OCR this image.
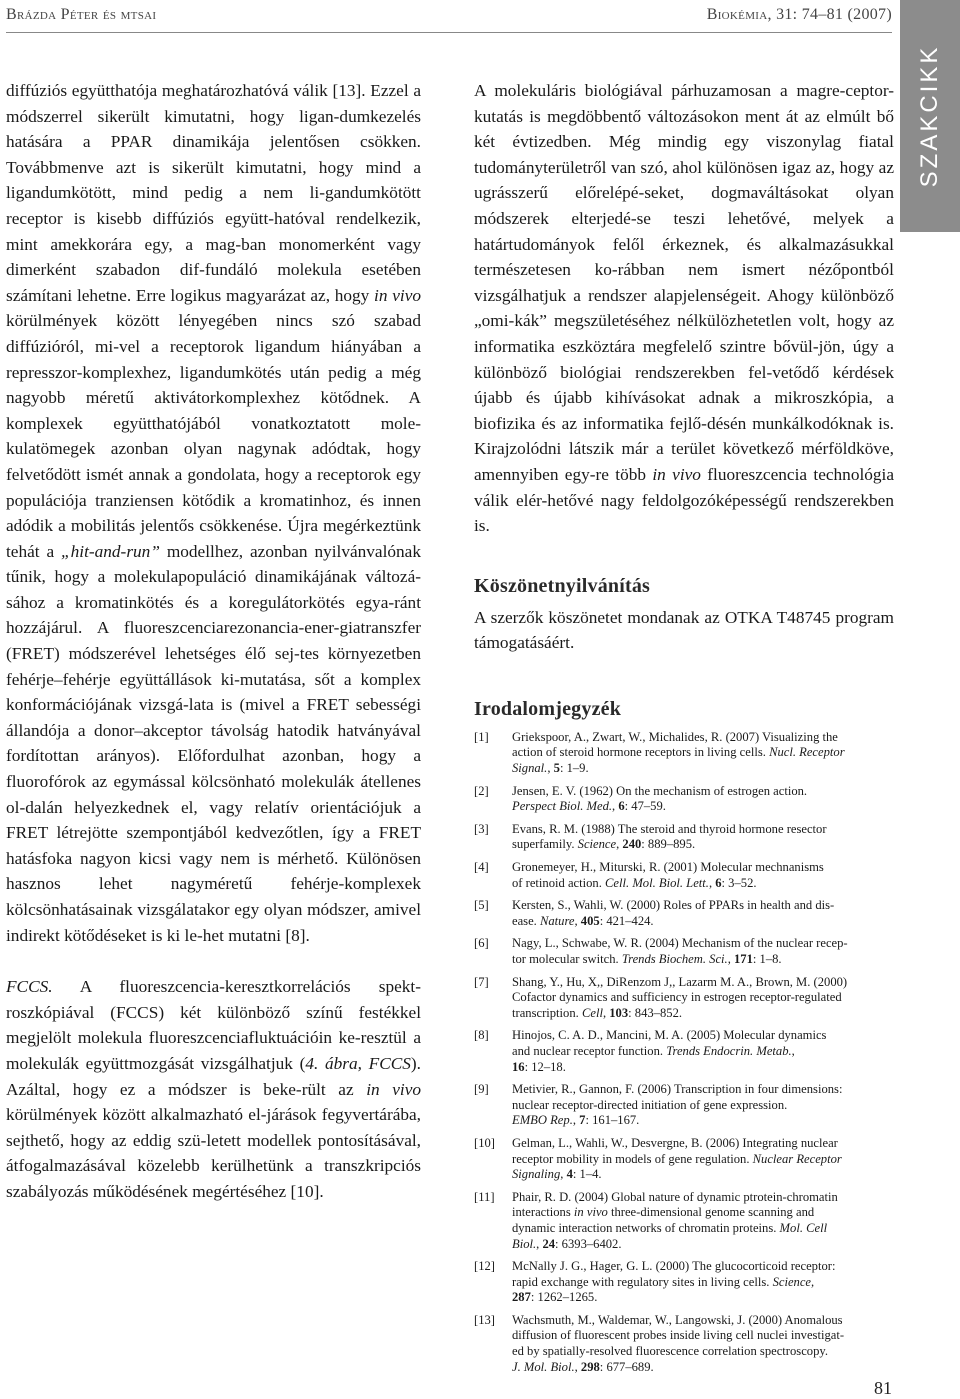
Brázda Péter és mtsai	Biokémia, 31: 74–81 (2007)
SZAKCIKK

diffúziós együtthatója meghatározhatóvá válik [13]. Ezzel a módszerrel sikerült kimutatni, hogy ligan-dumkezelés hatására a PPAR dinamikája jelentősen csökken. Továbbmenve azt is sikerült kimutatni, hogy mind a ligandumkötött, mind pedig a nem li-gandumkötött receptor is kisebb diffúziós együtt-hatóval rendelkezik, mint amekkorára egy, a mag-ban monomerként vagy dimerként szabadon dif-fundáló molekula esetében számítani lehetne. Erre logikus magyarázat az, hogy in vivo körülmények között lényegében nincs szó szabad diffúzióról, mi-vel a receptorok ligandum hiányában a represszor-komplexhez, ligandumkötés után pedig a még nagyobb méretű aktivátorkomplexhez kötődnek. A komplexek együtthatójából vonatkoztatott mole-kulatömegek azonban olyan nagynak adódtak, hogy felvetődött ismét annak a gondolata, hogy a receptorok egy populációja tranziensen kötődik a kromatinhoz, és innen adódik a mobilitás jelentős csökkenése. Újra megérkeztünk tehát a „hit-and-run” modellhez, azonban nyilvánvalónak tűnik, hogy a molekulapopuláció dinamikájának változá-sához a kromatinkötés és a koregulátorkötés egya-ránt hozzájárul. A fluoreszcenciarezonancia-ener-giatranszfer (FRET) módszerével lehetséges élő sej-tes környezetben fehérje–fehérje együttállások ki-mutatása, sőt a komplex konformációjának vizsgá-lata is (mivel a FRET sebességi állandója a donor–akceptor távolság hatodik hatványával fordítottan arányos). Előfordulhat azonban, hogy a fluorofórok az egymással kölcsönható molekulák átellenes ol-dalán helyezkednek el, vagy relatív orientációjuk a FRET létrejötte szempontjából kedvezőtlen, így a FRET hatásfoka nagyon kicsi vagy nem is mérhető. Különösen hasznos lehet nagyméretű fehérje-komplexek kölcsönhatásainak vizsgálatakor egy olyan módszer, amivel indirekt kötődéseket is ki le-het mutatni [8].

FCCS. A fluoreszcencia-keresztkorrelációs spekt-roszkópiával (FCCS) két különböző színű festékkel megjelölt molekula fluoreszcenciafluktuációin ke-resztül a molekulák együttmozgását vizsgálhatjuk (4. ábra, FCCS). Azáltal, hogy ez a módszer is beke-rült az in vivo körülmények között alkalmazható el-járások fegyvertárába, sejthető, hogy az eddig szü-letett modellek pontosításával, átfogalmazásával közelebb kerülhetünk a transzkripciós szabályozás működésének megértéséhez [10].

A molekuláris biológiával párhuzamosan a magre-ceptor-kutatás is megdöbbentő változásokon ment át az elmúlt bő két évtizedben. Még mindig egy viszonylag fiatal tudományterületről van szó, ahol különösen igaz az, hogy az ugrásszerű előrelépé-seket, dogmaváltásokat olyan módszerek elterjedé-se teszi lehetővé, melyek a határtudományok felől érkeznek, és alkalmazásukkal természetesen ko-rábban nem ismert nézőpontból vizsgálhatjuk a rendszer alapjelenségeit. Ahogy különböző „omi-kák” megszületéséhez nélkülözhetetlen volt, hogy az informatika eszköztára megfelelő szintre bővül-jön, úgy a különböző biológiai rendszerekben fel-vetődő kérdések újabb és újabb kihívásokat adnak a mikroszkópia, a biofizika és az informatika fejlő-désén munkálkodóknak is. Kirajzolódni látszik már a terület következő mérföldköve, amennyiben egy-re több in vivo fluoreszcencia technológia válik elér-hetővé nagy feldolgozóképességű rendszerekben is.

Köszönetnyilvánítás

A szerzők köszönetet mondanak az OTKA T48745 program támogatásáért.

Irodalomjegyzék
[1] Griekspoor, A., Zwart, W., Michalides, R. (2007) Visualizing the
action of steroid hormone receptors in living cells. Nucl. Receptor
Signal., 5: 1–9.
[2] Jensen, E. V. (1962) On the mechanism of estrogen action.
Perspect Biol. Med., 6: 47–59.
[3] Evans, R. M. (1988) The steroid and thyroid hormone resector
superfamily. Science, 240: 889–895.
[4] Gronemeyer, H., Miturski, R. (2001) Molecular mechnanisms
of retinoid action. Cell. Mol. Biol. Lett., 6: 3–52.
[5] Kersten, S., Wahli, W. (2000) Roles of PPARs in health and dis-
ease. Nature, 405: 421–424.
[6] Nagy, L., Schwabe, W. R. (2004) Mechanism of the nuclear recep-
tor molecular switch. Trends Biochem. Sci., 171: 1–8.
[7] Shang, Y., Hu, X,, DiRenzom J,, Lazarm M. A., Brown, M. (2000)
Cofactor dynamics and sufficiency in estrogen receptor-regulated
transcription. Cell, 103: 843–852.
[8] Hinojos, C. A. D., Mancini, M. A. (2005) Molecular dynamics
and nuclear receptor function. Trends Endocrin. Metab.,
16: 12–18.
[9] Metivier, R., Gannon, F. (2006) Transcription in four dimensions:
nuclear receptor-directed initiation of gene expression.
EMBO Rep., 7: 161–167.
[10] Gelman, L., Wahli, W., Desvergne, B. (2006) Integrating nuclear
receptor mobility in models of gene regulation. Nuclear Receptor
Signaling, 4: 1–4.
[11] Phair, R. D. (2004) Global nature of dynamic ptrotein-chromatin
interactions in vivo three-dimensional genome scanning and
dynamic interaction networks of chromatin proteins. Mol. Cell
Biol., 24: 6393–6402.
[12] McNally J. G., Hager, G. L. (2000) The glucocorticoid receptor:
rapid exchange with regulatory sites in living cells. Science,
287: 1262–1265.
[13] Wachsmuth, M., Waldemar, W., Langowski, J. (2000) Anomalous
diffusion of fluorescent probes inside living cell nuclei investigat-
ed by spatially-resolved fluorescence correlation spectroscopy.
J. Mol. Biol., 298: 677–689.
81
